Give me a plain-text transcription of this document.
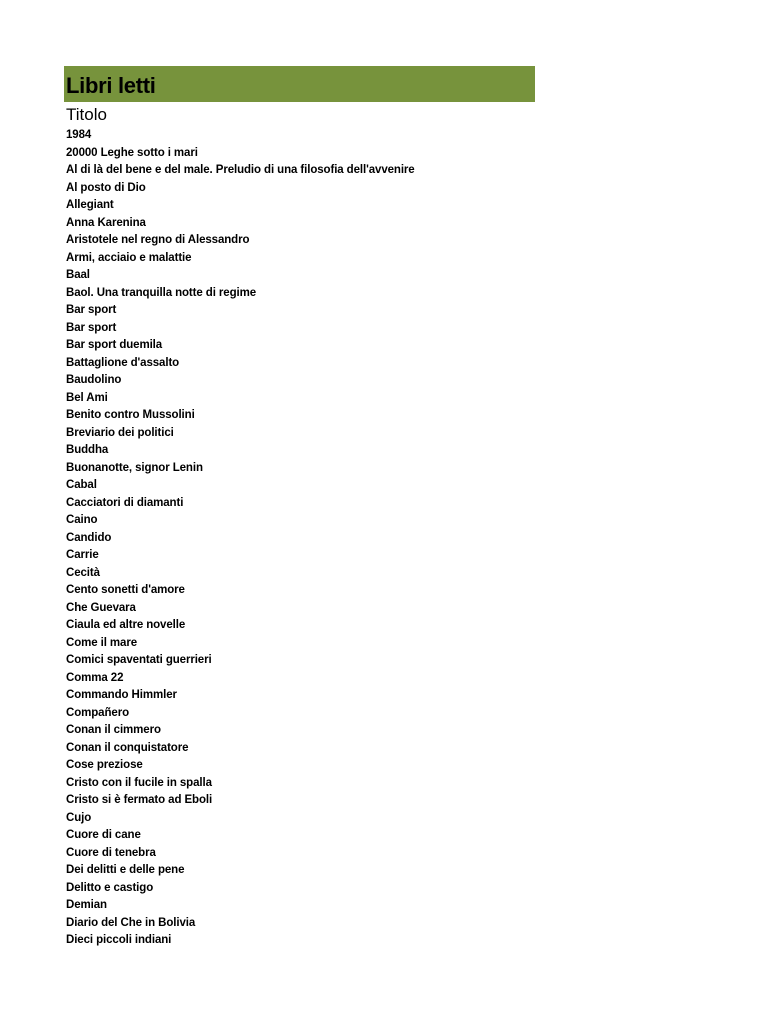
Libri letti
Titolo
1984
20000 Leghe sotto i mari
Al di là del bene e del male. Preludio di una filosofia dell'avvenire
Al posto di Dio
Allegiant
Anna Karenina
Aristotele nel regno di Alessandro
Armi, acciaio e malattie
Baal
Baol. Una tranquilla notte di regime
Bar sport
Bar sport
Bar sport duemila
Battaglione d'assalto
Baudolino
Bel Ami
Benito contro Mussolini
Breviario dei politici
Buddha
Buonanotte, signor Lenin
Cabal
Cacciatori di diamanti
Caino
Candido
Carrie
Cecità
Cento sonetti d'amore
Che Guevara
Ciaula ed altre novelle
Come il mare
Comici spaventati guerrieri
Comma 22
Commando Himmler
Compañero
Conan il cimmero
Conan il conquistatore
Cose preziose
Cristo con il fucile in spalla
Cristo si è fermato ad Eboli
Cujo
Cuore di cane
Cuore di tenebra
Dei delitti e delle pene
Delitto e castigo
Demian
Diario del Che in Bolivia
Dieci piccoli indiani
